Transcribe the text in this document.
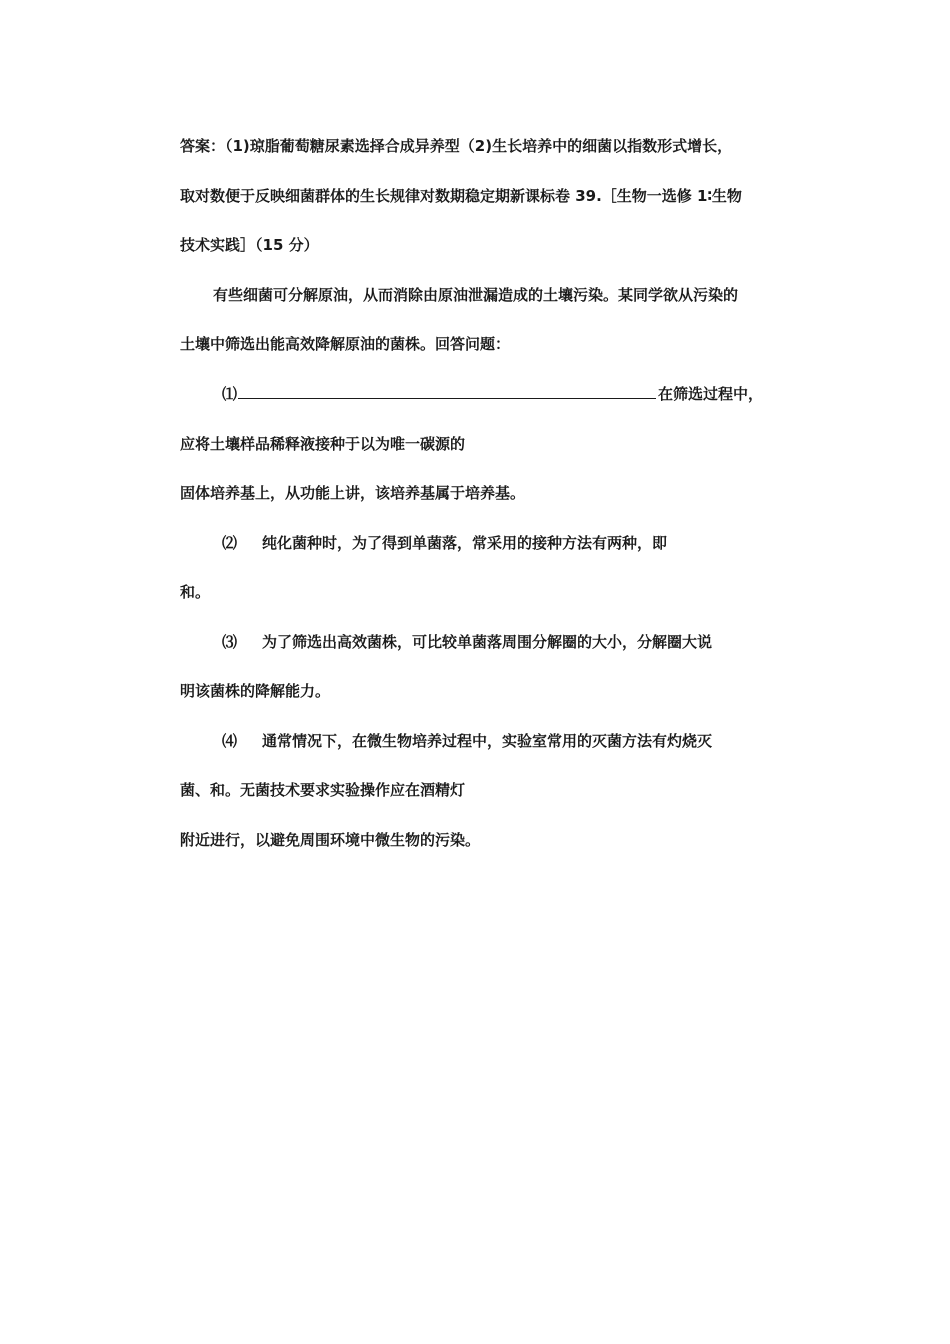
答案：（1)琼脂葡萄糖尿素选择合成异养型（2)生长培养中的细菌以指数形式增长，
取对数便于反映细菌群体的生长规律对数期稳定期新课标卷 39.［生物一选修 1∶生物
技术实践］（15 分）
有些细菌可分解原油，从而消除由原油泄漏造成的土壤污染。某同学欲从污染的
土壤中筛选出能高效降解原油的菌株。回答问题：
⑴	在筛选过程中，
应将土壤样品稀释液接种于以为唯一碳源的
固体培养基上，从功能上讲，该培养基属于培养基。
⑵ 纯化菌种时，为了得到单菌落，常采用的接种方法有两种，即
和。
⑶ 为了筛选出高效菌株，可比较单菌落周围分解圈的大小，分解圈大说
明该菌株的降解能力。
⑷ 通常情况下，在微生物培养过程中，实验室常用的灭菌方法有灼烧灭
菌、和。无菌技术要求实验操作应在酒精灯
附近进行，以避免周围环境中微生物的污染。
